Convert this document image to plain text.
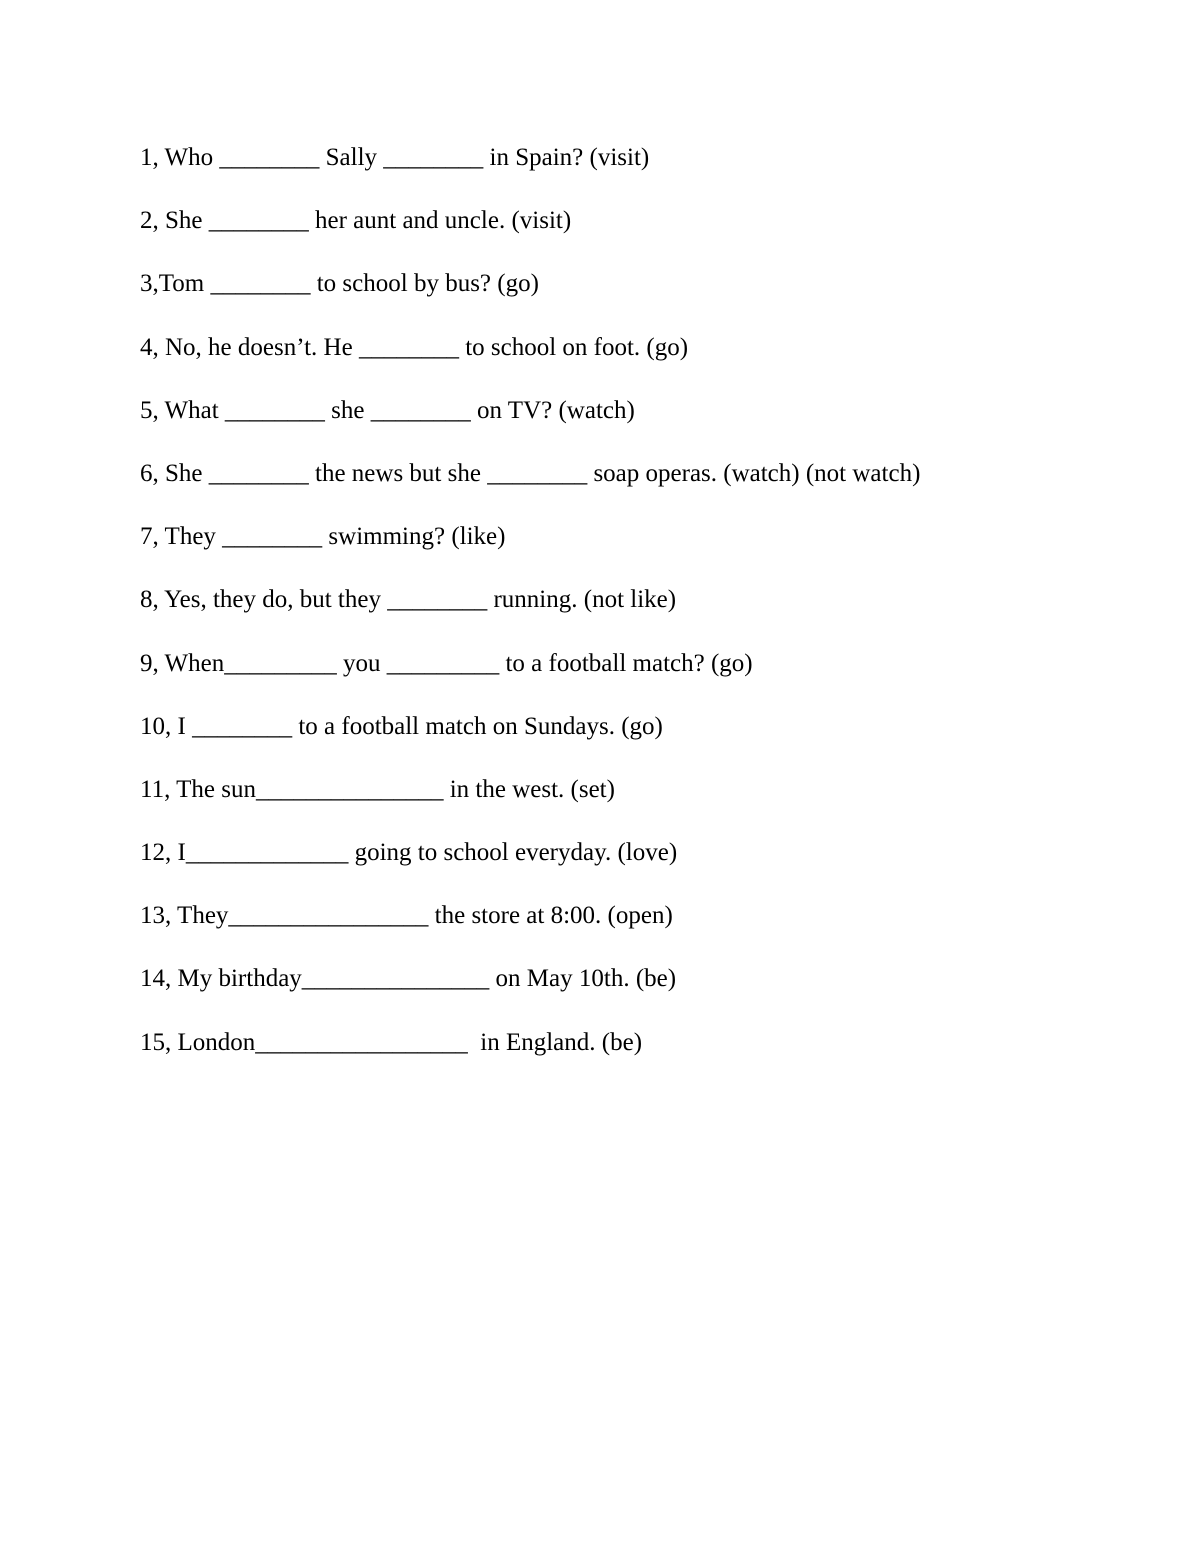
1, Who ________ Sally ________ in Spain? (visit)
2, She ________ her aunt and uncle. (visit)
3,Tom ________ to school by bus? (go)
4, No, he doesn’t. He ________ to school on foot. (go)
5, What ________ she ________ on TV? (watch)
6, She ________ the news but she ________ soap operas. (watch) (not watch)
7, They ________ swimming? (like)
8, Yes, they do, but they ________ running. (not like)
9, When_________ you _________ to a football match? (go)
10, I ________ to a football match on Sundays. (go)
11, The sun_______________ in the west. (set)
12, I_____________ going to school everyday. (love)
13, They________________ the store at 8:00. (open)
14, My birthday_______________ on May 10th. (be)
15, London_________________  in England. (be)
